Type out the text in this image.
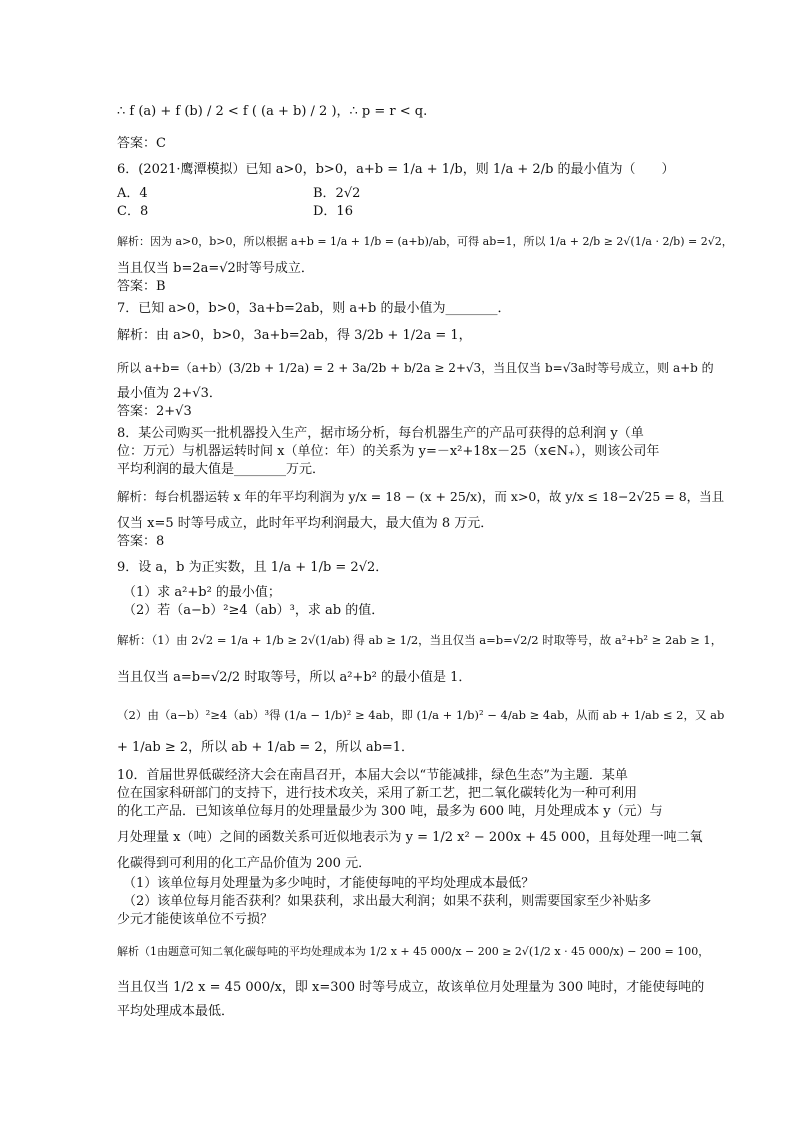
∴ f (a) + f (b) / 2 < f ( (a + b) / 2 )，∴ p = r < q.
答案：C
6．(2021·鹰潭模拟）已知 a>0，b>0，a+b = 1/a + 1/b，则 1/a + 2/b 的最小值为（　　）
A．4	B．2√2
C．8	D．16
解析：因为 a>0，b>0，所以根据 a+b = 1/a + 1/b = (a+b)/ab，可得 ab=1，所以 1/a + 2/b ≥ 2√(1/a · 2/b) = 2√2，
当且仅当 b=2a=√2时等号成立．
答案：B
7．已知 a>0，b>0，3a+b=2ab，则 a+b 的最小值为________．
解析：由 a>0，b>0，3a+b=2ab，得 3/2b + 1/2a = 1，
所以 a+b=（a+b）(3/2b + 1/2a) = 2 + 3a/2b + b/2a ≥ 2+√3，当且仅当 b=√3a时等号成立，则 a+b 的
最小值为 2+√3．
答案：2+√3
8．某公司购买一批机器投入生产，据市场分析，每台机器生产的产品可获得的总利润 y（单
位：万元）与机器运转时间 x（单位：年）的关系为 y=－x²+18x－25（x∈N₊），则该公司年
平均利润的最大值是________万元．
解析：每台机器运转 x 年的年平均利润为 y/x = 18 − (x + 25/x)，而 x>0，故 y/x ≤ 18−2√25 = 8，当且
仅当 x=5 时等号成立，此时年平均利润最大，最大值为 8 万元．
答案：8
9．设 a，b 为正实数，且 1/a + 1/b = 2√2．
（1）求 a²+b² 的最小值；
（2）若（a−b）²≥4（ab）³，求 ab 的值．
解析：（1）由 2√2 = 1/a + 1/b ≥ 2√(1/ab) 得 ab ≥ 1/2，当且仅当 a=b=√2/2 时取等号，故 a²+b² ≥ 2ab ≥ 1，
当且仅当 a=b=√2/2 时取等号，所以 a²+b² 的最小值是 1．
（2）由（a−b）²≥4（ab）³得 (1/a − 1/b)² ≥ 4ab，即 (1/a + 1/b)² − 4/ab ≥ 4ab，从而 ab + 1/ab ≤ 2，又 ab
+ 1/ab ≥ 2，所以 ab + 1/ab = 2，所以 ab=1．
10．首届世界低碳经济大会在南昌召开，本届大会以“节能减排，绿色生态”为主题．某单
位在国家科研部门的支持下，进行技术攻关，采用了新工艺，把二氧化碳转化为一种可利用
的化工产品．已知该单位每月的处理量最少为 300 吨，最多为 600 吨，月处理成本 y（元）与
月处理量 x（吨）之间的函数关系可近似地表示为 y = 1/2 x² − 200x + 45 000，且每处理一吨二氧
化碳得到可利用的化工产品价值为 200 元．
（1）该单位每月处理量为多少吨时，才能使每吨的平均处理成本最低？
（2）该单位每月能否获利？如果获利，求出最大利润；如果不获利，则需要国家至少补贴多
少元才能使该单位不亏损？
解析（1由题意可知二氧化碳每吨的平均处理成本为 1/2 x + 45 000/x − 200 ≥ 2√(1/2 x · 45 000/x) − 200 = 100，
当且仅当 1/2 x = 45 000/x，即 x=300 时等号成立，故该单位月处理量为 300 吨时，才能使每吨的
平均处理成本最低．
